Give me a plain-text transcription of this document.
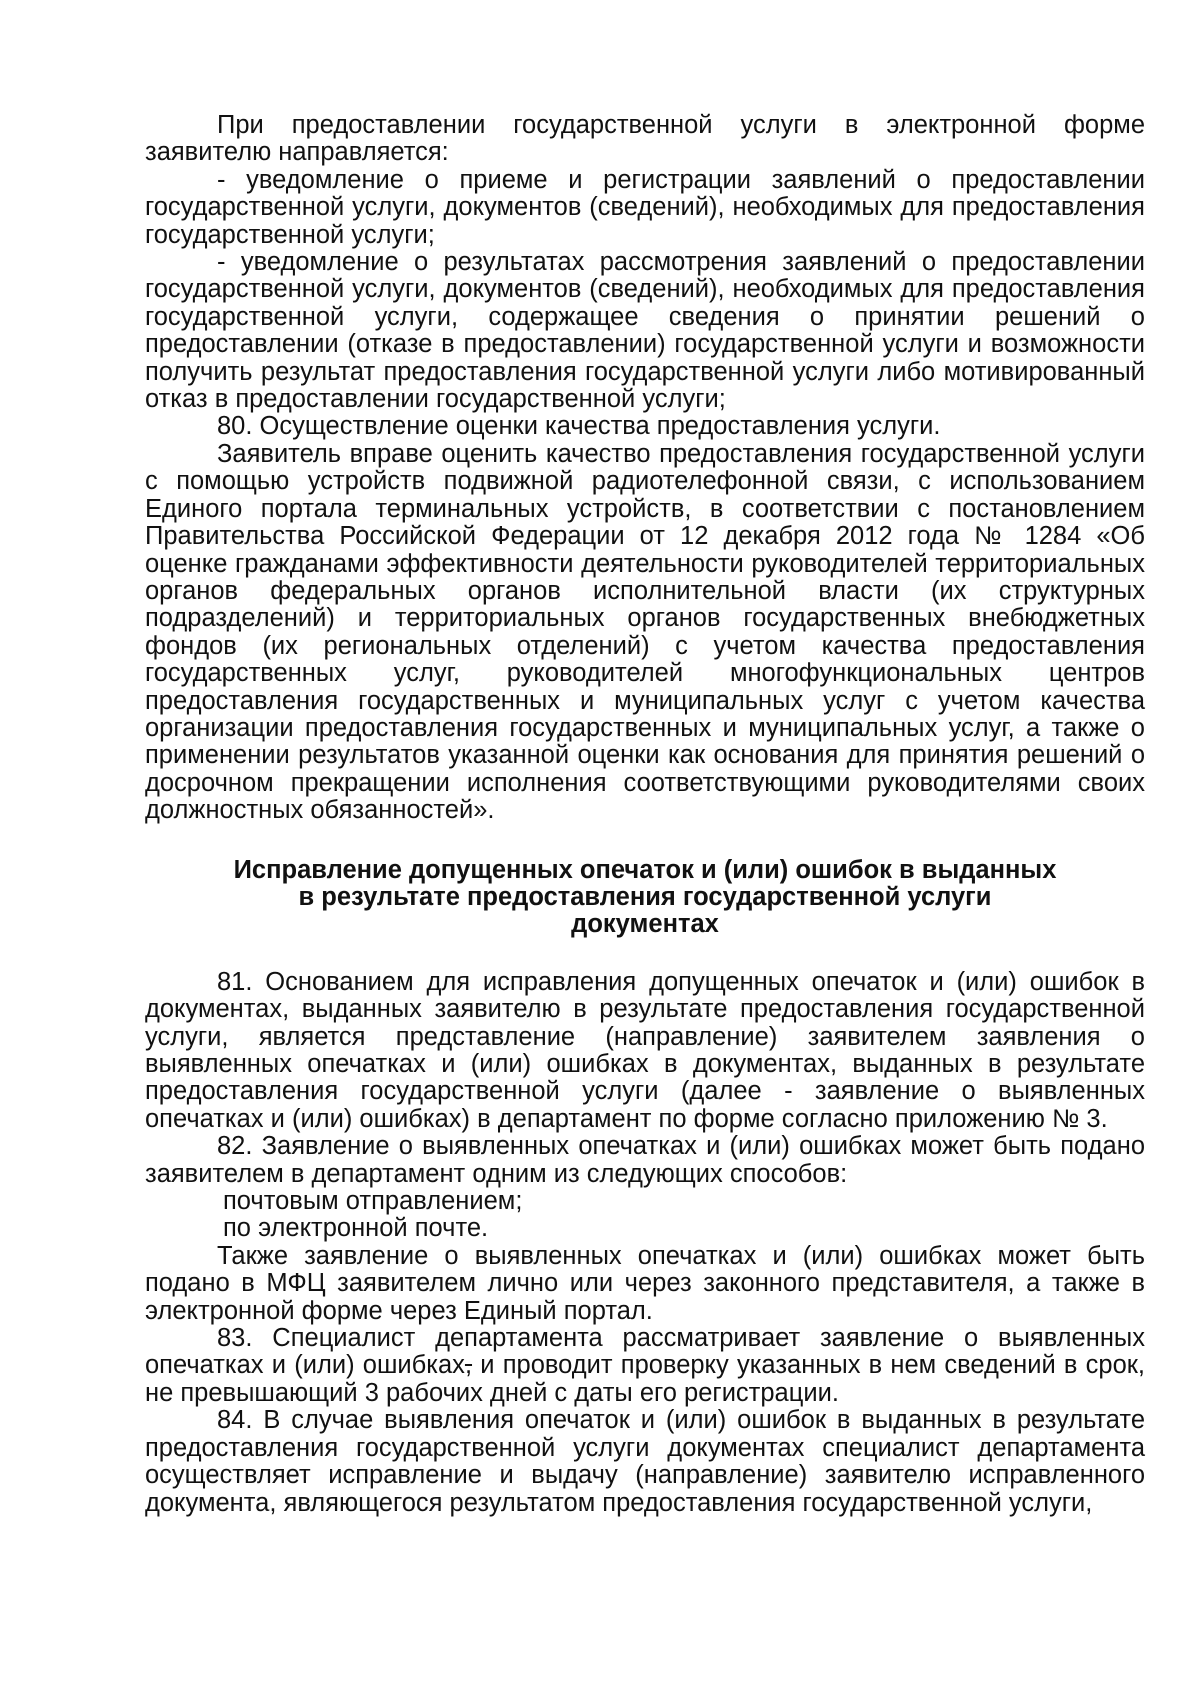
При предоставлении государственной услуги в электронной форме заявителю направляется:

- уведомление о приеме и регистрации заявлений о предоставлении государственной услуги, документов (сведений), необходимых для предоставления государственной услуги;

- уведомление о результатах рассмотрения заявлений о предоставлении государственной услуги, документов (сведений), необходимых для предоставления государственной услуги, содержащее сведения о принятии решений о предоставлении (отказе в предоставлении) государственной услуги и возможности получить результат предоставления государственной услуги либо мотивированный отказ в предоставлении государственной услуги;

80. Осуществление оценки качества предоставления услуги.

Заявитель вправе оценить качество предоставления государственной услуги с помощью устройств подвижной радиотелефонной связи, с использованием Единого портала терминальных устройств, в соответствии с постановлением Правительства Российской Федерации от 12 декабря 2012 года № 1284 «Об оценке гражданами эффективности деятельности руководителей территориальных органов федеральных органов исполнительной власти (их структурных подразделений) и территориальных органов государственных внебюджетных фондов (их региональных отделений) с учетом качества предоставления государственных услуг, руководителей многофункциональных центров предоставления государственных и муниципальных услуг с учетом качества организации предоставления государственных и муниципальных услуг, а также о применении результатов указанной оценки как основания для принятия решений о досрочном прекращении исполнения соответствующими руководителями своих должностных обязанностей».

Исправление допущенных опечаток и (или) ошибок в выданных
в результате предоставления государственной услуги
документах

81. Основанием для исправления допущенных опечаток и (или) ошибок в документах, выданных заявителю в результате предоставления государственной услуги, является представление (направление) заявителем заявления о выявленных опечатках и (или) ошибках в документах, выданных в результате предоставления государственной услуги (далее - заявление о выявленных опечатках и (или) ошибках) в департамент по форме согласно приложению № 3.

82. Заявление о выявленных опечатках и (или) ошибках может быть подано заявителем в департамент одним из следующих способов:

почтовым отправлением;

по электронной почте.

Также заявление о выявленных опечатках и (или) ошибках может быть подано в МФЦ заявителем лично или через законного представителя, а также в электронной форме через Единый портал.

83. Специалист департамента рассматривает заявление о выявленных опечатках и (или) ошибках, и проводит проверку указанных в нем сведений в срок, не превышающий 3 рабочих дней с даты его регистрации.

84. В случае выявления опечаток и (или) ошибок в выданных в результате предоставления государственной услуги документах специалист департамента осуществляет исправление и выдачу (направление) заявителю исправленного документа, являющегося результатом предоставления государственной услуги,
